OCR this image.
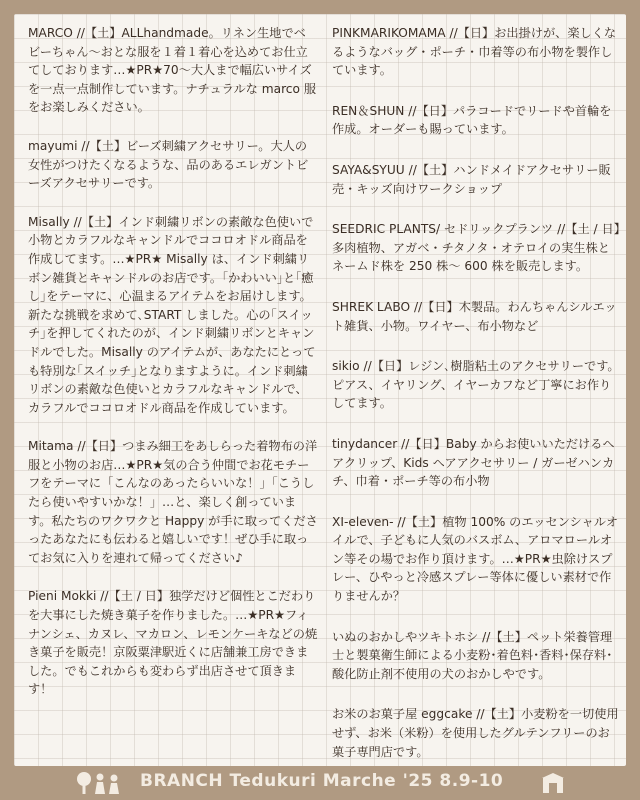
MARCO //【土】ALLhandmade。リネン生地でベビーちゃん〜おとな服を１着１着心を込めてお仕立てしております…★PR★70〜大人まで幅広いサイズを一点一点制作しています。ナチュラルな marco 服をお楽しみください。

mayumi //【土】ビーズ刺繍アクセサリー。大人の女性がつけたくなるような、品のあるエレガントビーズアクセサリーです。

Misally //【土】インド刺繍リボンの素敵な色使いで小物とカラフルなキャンドルでココロオドル商品を作成してます。…★PR★ Misally は、インド刺繍リボン雑貨とキャンドルのお店です。｢かわいい｣と｢癒し｣をテーマに、心温まるアイテムをお届けします。新たな挑戦を求めて､START しました。心の｢スイッチ｣を押してくれたのが、インド刺繍リボンとキャンドルでした。Misally のアイテムが、あなたにとっても特別な｢スイッチ｣となりますように。インド刺繍リボンの素敵な色使いとカラフルなキャンドルで、カラフルでココロオドル商品を作成しています。

Mitama //【日】つまみ細工をあしらった着物布の洋服と小物のお店…★PR★気の合う仲間でお花モチーフをテーマに「こんなのあったらいいな！」「こうしたら使いやすいかな！」…と、楽しく創っています。私たちのワクワクと Happy が手に取ってくださったあなたにも伝わると嬉しいです！ぜひ手に取ってお気に入りを連れて帰ってください♪

Pieni Mokki //【土 / 日】独学だけど個性とこだわりを大事にした焼き菓子を作りました。…★PR★フィナンシェ、カヌレ、マカロン、レモンケーキなどの焼き菓子を販売！京阪粟津駅近くに店舗兼工房できました。でもこれからも変わらず出店させて頂きます！

PINKMARIKOMAMA //【日】お出掛けが、楽しくなるようなバッグ・ポーチ・巾着等の布小物を製作しています。

REN＆SHUN //【日】パラコードでリードや首輪を作成。オーダーも賜っています。

SAYA&SYUU //【土】ハンドメイドアクセサリー販売・キッズ向けワークショップ

SEEDRIC PLANTS/ セドリックプランツ //【土 / 日】多肉植物、アガベ・チタノタ・オテロイの実生株とネームド株を 250 株〜 600 株を販売します。

SHREK LABO //【日】木製品。わんちゃんシルエット雑貨、小物。ワイヤー、布小物など

sikio //【日】レジン､樹脂粘土のアクセサリーです。ピアス、イヤリング、イヤーカフなど丁寧にお作りしてます。

tinydancer //【日】Baby からお使いいただけるヘアクリップ、Kids ヘアアクセサリー / ガーゼハンカチ、巾着・ポーチ等の布小物

XI-eleven- //【土】植物 100% のエッセンシャルオイルで、子どもに人気のバスボム、アロマロールオン等その場でお作り頂けます。…★PR★虫除けスプレー、ひやっと冷感スプレー等体に優しい素材で作りませんか？

いぬのおかしやツキトホシ //【土】ペット栄養管理士と製菓衛生師による小麦粉･着色料･香料･保存料･酸化防止剤不使用の犬のおかしやです。

お米のお菓子屋 eggcake //【土】小麦粉を一切使用せず、お米（米粉）を使用したグルテンフリーのお菓子専門店です。

BRANCH Tedukuri Marche '25 8.9-10
